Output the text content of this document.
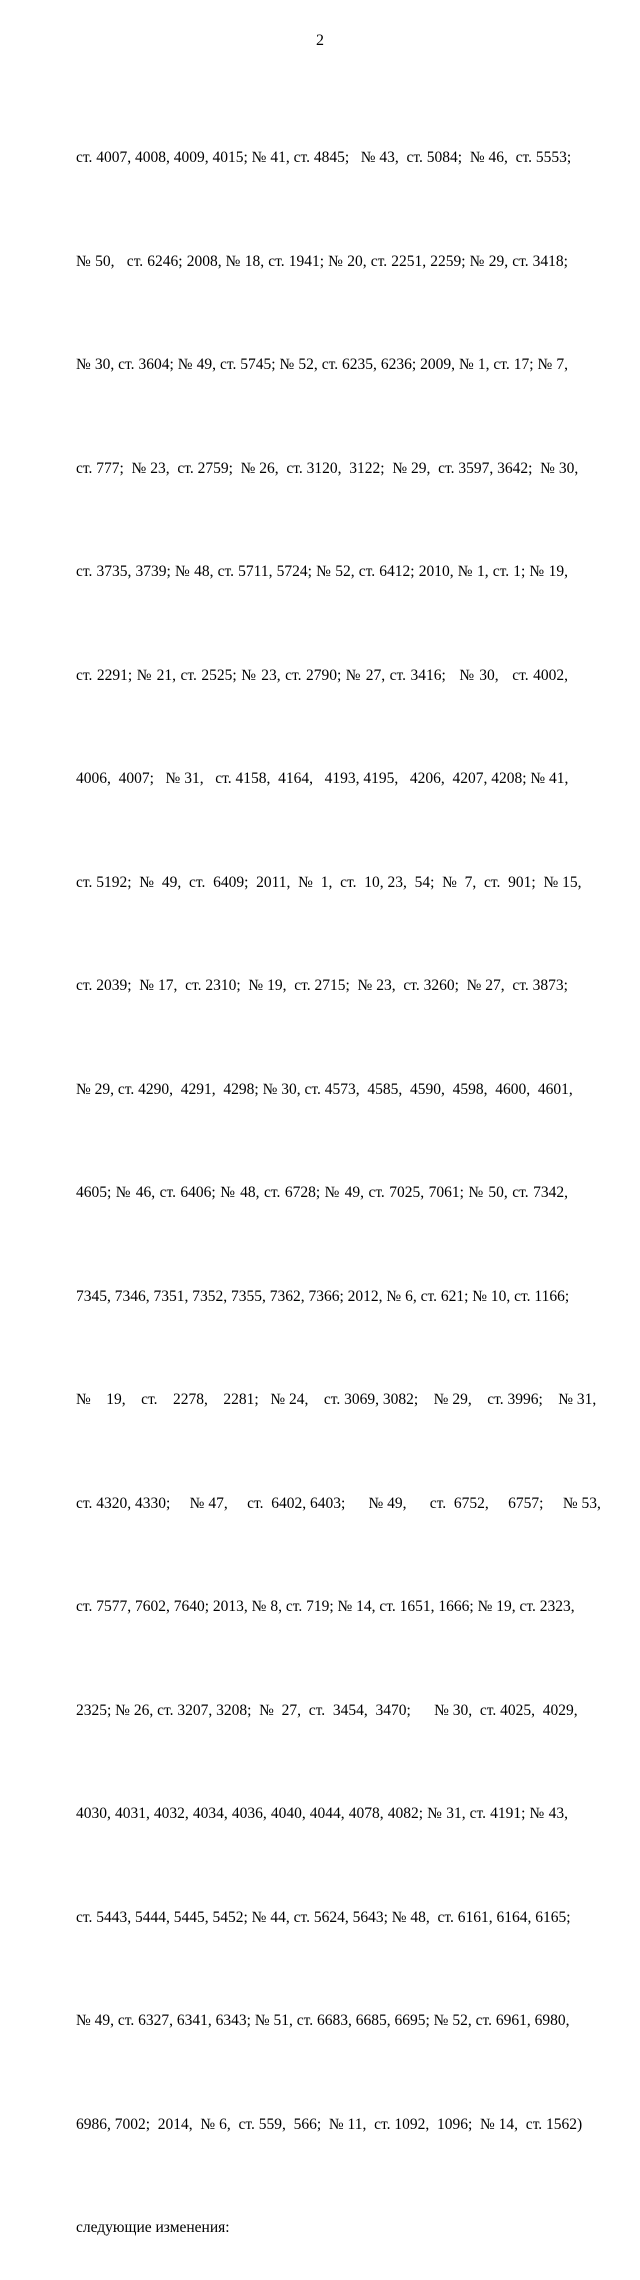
2

ст. 4007, 4008, 4009, 4015; № 41, ст. 4845;   № 43,  ст. 5084;  № 46,  ст. 5553;

№ 50,   ст. 6246; 2008, № 18, ст. 1941; № 20, ст. 2251, 2259; № 29, ст. 3418;

№ 30, ст. 3604; № 49, ст. 5745; № 52, ст. 6235, 6236; 2009, № 1, ст. 17; № 7,

ст. 777;  № 23,  ст. 2759;  № 26,  ст. 3120,  3122;  № 29,  ст. 3597, 3642;  № 30,

ст. 3735, 3739; № 48, ст. 5711, 5724; № 52, ст. 6412; 2010, № 1, ст. 1; № 19,

ст. 2291; № 21, ст. 2525; № 23, ст. 2790; № 27, ст. 3416;   № 30,   ст. 4002,

4006,  4007;   № 31,   ст. 4158,  4164,   4193, 4195,   4206,  4207, 4208; № 41,

ст. 5192;  №  49,  ст.  6409;  2011,  №  1,  ст.  10, 23,  54;  №  7,  ст.  901;  № 15,

ст. 2039;  № 17,  ст. 2310;  № 19,  ст. 2715;  № 23,  ст. 3260;  № 27,  ст. 3873;

№ 29, ст. 4290,  4291,  4298; № 30, ст. 4573,  4585,  4590,  4598,  4600,  4601,

4605; № 46, ст. 6406; № 48, ст. 6728; № 49, ст. 7025, 7061; № 50, ст. 7342,

7345, 7346, 7351, 7352, 7355, 7362, 7366; 2012, № 6, ст. 621; № 10, ст. 1166;

№    19,    ст.    2278,    2281;   № 24,    ст. 3069, 3082;    № 29,    ст. 3996;    № 31,

ст. 4320, 4330;     № 47,     ст.  6402, 6403;      № 49,      ст.  6752,     6757;     № 53,

ст. 7577, 7602, 7640; 2013, № 8, ст. 719; № 14, ст. 1651, 1666; № 19, ст. 2323,

2325; № 26, ст. 3207, 3208;  №  27,  ст.  3454,  3470;      № 30,  ст. 4025,  4029,

4030, 4031, 4032, 4034, 4036, 4040, 4044, 4078, 4082; № 31, ст. 4191; № 43,

ст. 5443, 5444, 5445, 5452; № 44, ст. 5624, 5643; № 48,  ст. 6161, 6164, 6165;

№ 49, ст. 6327, 6341, 6343; № 51, ст. 6683, 6685, 6695; № 52, ст. 6961, 6980,

6986, 7002;  2014,  № 6,  ст. 559,  566;  № 11,  ст. 1092,  1096;  № 14,  ст. 1562)

следующие изменения:
